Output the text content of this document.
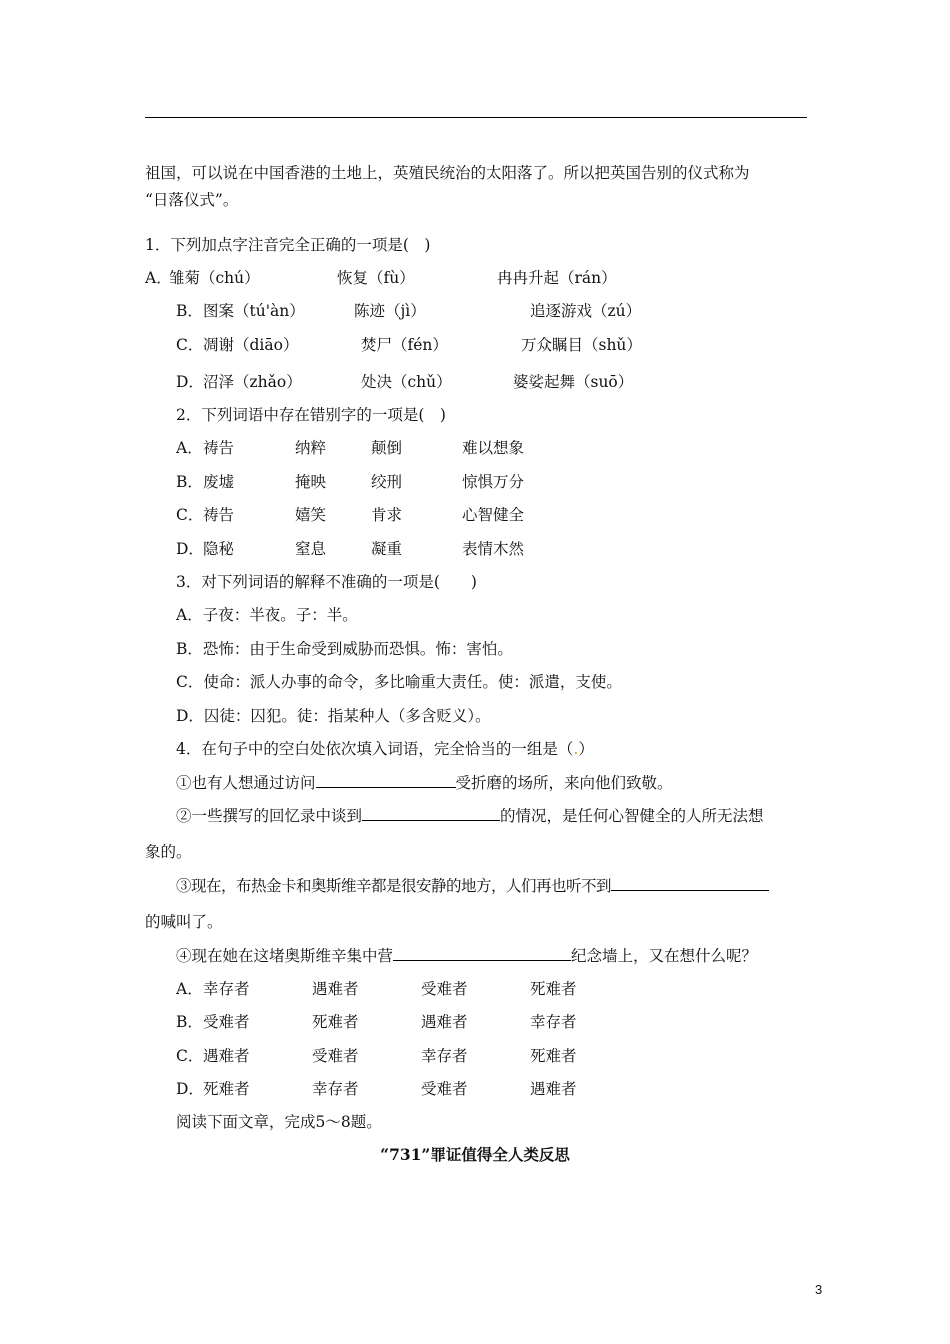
祖国，可以说在中国香港的土地上，英殖民统治的太阳落了。所以把英国告别的仪式称为
“日落仪式”。
1．下列加点字注音完全正确的一项是(　)
A．
雏菊（chú）	恢复（fù）	冉冉升起（rán）
B． 图案（tú'àn）	陈迹（jì）	追逐游戏（zú）
C． 凋谢（diāo）	焚尸（fén）	万众瞩目（shǔ）
D． 沼泽（zhǎo）	处决（chǔ）	婆娑起舞（suō）
2．下列词语中存在错别字的一项是(　)
A． 祷告	纳粹	颠倒	难以想象
B． 废墟	掩映	绞刑	惊惧万分
C． 祷告	嬉笑	肯求	心智健全
D． 隐秘	窒息	凝重	表情木然
3．对下列词语的解释不准确的一项是(　　)
A．子夜：半夜。子：半。
B．恐怖：由于生命受到威胁而恐惧。怖：害怕。
C．使命：派人办事的命令，多比喻重大责任。使：派遣，支使。
D．囚徒：囚犯。徒：指某种人（多含贬义）。
4．在句子中的空白处依次填入词语，完全恰当的一组是（.）
①也有人想通过访问	受折磨的场所，来向他们致敬。
②一些撰写的回忆录中谈到	的情况，是任何心智健全的人所无法想
象的。
③现在，布热金卡和奥斯维辛都是很安静的地方，人们再也听不到
的喊叫了。
④现在她在这堵奥斯维辛集中营	纪念墙上，又在想什么呢？
A． 幸存者	遇难者	受难者	死难者
B． 受难者	死难者	遇难者	幸存者
C． 遇难者	受难者	幸存者	死难者
D． 死难者	幸存者	受难者	遇难者
阅读下面文章，完成5～8题。
“731”罪证值得全人类反思
3
